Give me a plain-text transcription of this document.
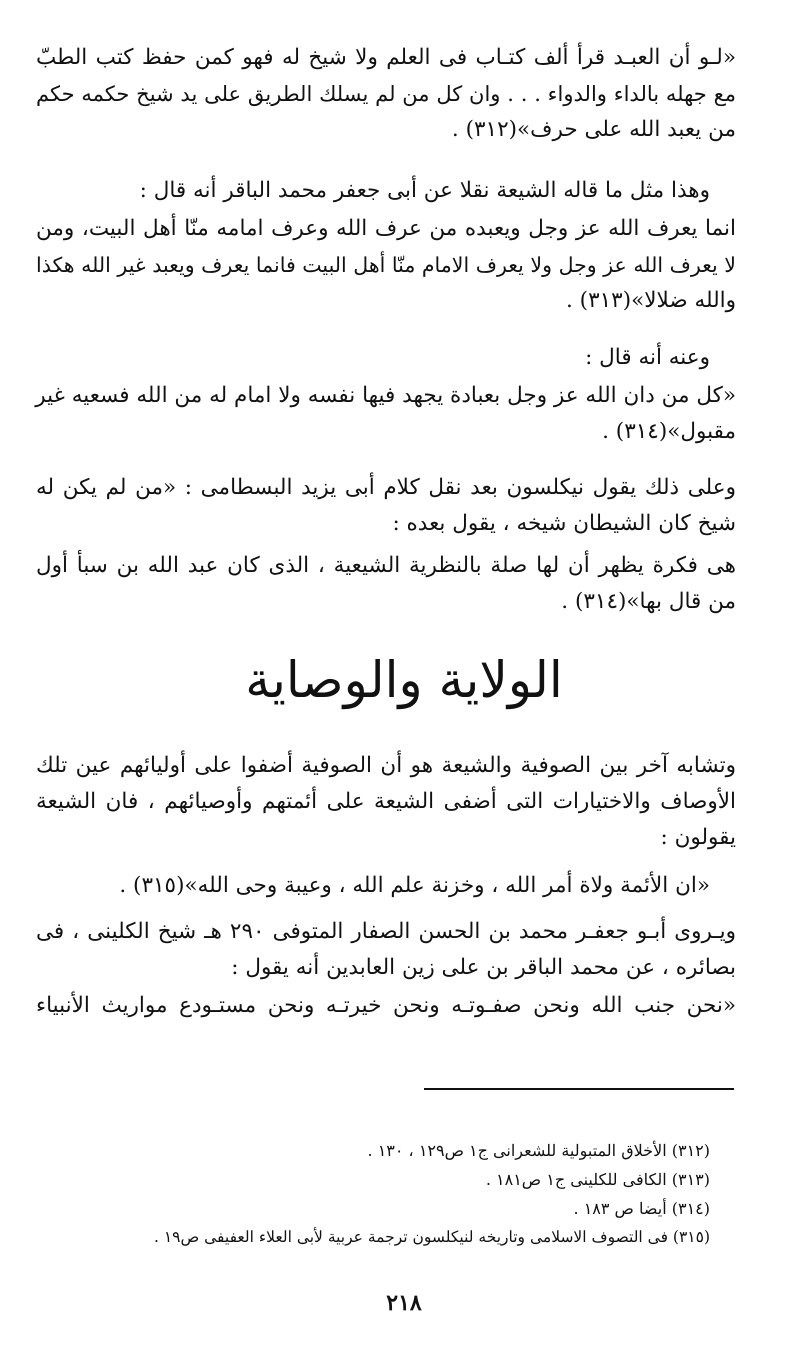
«لـو أن العبـد قرأ ألف كتـاب فى العلم ولا شيخ له فهو كمن حفظ كتب الطبّ
مع جهله بالداء والدواء . . . وان كل من لم يسلك الطريق على يد شيخ حكمه حكم
من يعبد الله على حرف»(٣١٢) .
وهذا مثل ما قاله الشيعة نقلا عن أبى جعفر محمد الباقر أنه قال :
انما يعرف الله عز وجل ويعبده من عرف الله وعرف امامه منّا أهل البيت، ومن
لا يعرف الله عز وجل ولا يعرف الامام منّا أهل البيت فانما يعرف ويعبد غير الله هكذا
والله ضلالا»(٣١٣) .
وعنه أنه قال :
«كل من دان الله عز وجل بعبادة يجهد فيها نفسه ولا امام له من الله فسعيه غير
مقبول»(٣١٤) .
وعلى ذلك يقول نيكلسون بعد نقل كلام أبى يزيد البسطامى : «من لم يكن له
شيخ كان الشيطان شيخه ، يقول بعده :
هى فكرة يظهر أن لها صلة بالنظرية الشيعية ، الذى كان عبد الله بن سبأ أول
من قال بها»(٣١٤) .
الولاية والوصاية
وتشابه آخر بين الصوفية والشيعة هو أن الصوفية أضفوا على أوليائهم عين تلك
الأوصاف والاختيارات التى أضفى الشيعة على أئمتهم وأوصيائهم ، فان الشيعة
يقولون :
«ان الأئمة ولاة أمر الله ، وخزنة علم الله ، وعيبة وحى الله»(٣١٥) .
ويـروى أبـو جعفـر محمد بن الحسن الصفار المتوفى ٢٩٠ هـ شيخ الكلينى ، فى
بصائره ، عن محمد الباقر بن على زين العابدين أنه يقول :
«نحن جنب الله ونحن صفـوتـه ونحن خيرتـه ونحن مستـودع مواريث الأنبياء
(٣١٢) الأخلاق المتبولية للشعرانى ج١ ص١٢٩ ، ١٣٠ .
(٣١٣) الكافى للكلينى ج١ ص١٨١ .
(٣١٤) أيضا ص ١٨٣ .
(٣١٥) فى التصوف الاسلامى وتاريخه لنيكلسون ترجمة عربية لأبى العلاء العفيفى ص١٩ .
٢١٨
